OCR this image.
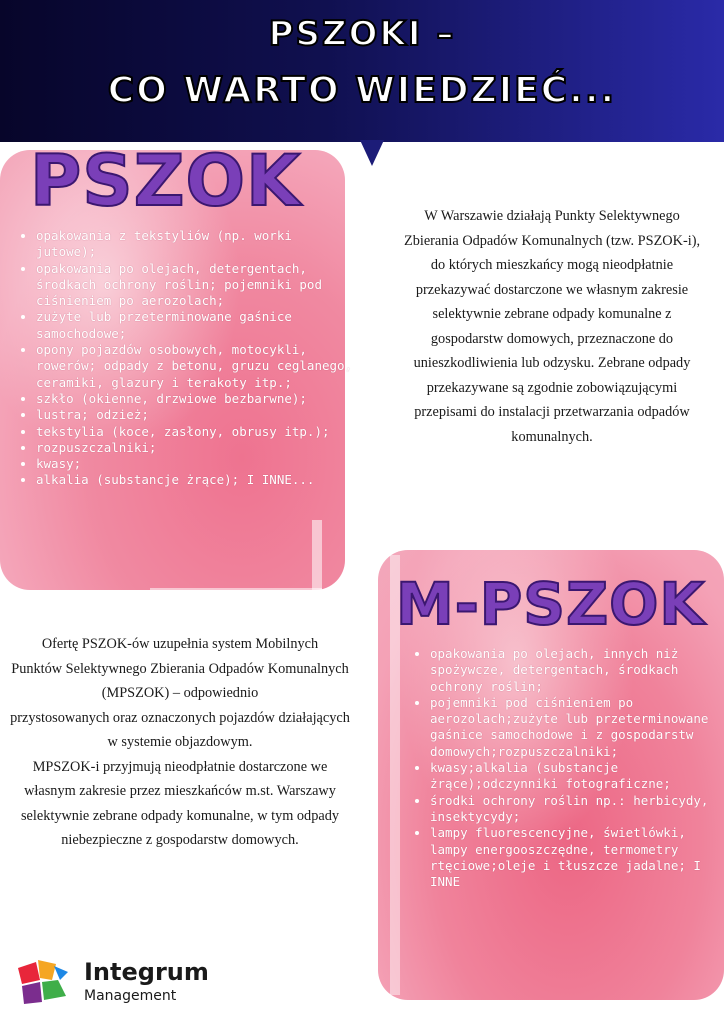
PSZOKI –
CO WARTO WIEDZIEĆ...
PSZOK
• opakowania z tekstyliów (np. worki jutowe);
• opakowania po olejach, detergentach, środkach ochrony roślin; pojemniki pod ciśnieniem po aerozolach;
• zużyte lub przeterminowane gaśnice samochodowe;
• opony pojazdów osobowych, motocykli, rowerów; odpady z betonu, gruzu ceglanego, ceramiki, glazury i terakoty itp.;
• szkło (okienne, drzwiowe bezbarwne);
• lustra; odzież;
• tekstylia (koce, zasłony, obrusy itp.);
• rozpuszczalniki;
• kwasy;
• alkalia (substancje żrące); I INNE...

W Warszawie działają Punkty Selektywnego Zbierania Odpadów Komunalnych (tzw. PSZOK-i), do których mieszkańcy mogą nieodpłatnie przekazywać dostarczone we własnym zakresie selektywnie zebrane odpady komunalne z gospodarstw domowych, przeznaczone do unieszkodliwienia lub odzysku. Zebrane odpady przekazywane są zgodnie zobowiązującymi przepisami do instalacji przetwarzania odpadów komunalnych.

M-PSZOK
• opakowania po olejach, innych niż spożywcze, detergentach, środkach ochrony roślin;
• pojemniki pod ciśnieniem po aerozolach;zużyte lub przeterminowane gaśnice samochodowe i z gospodarstw domowych;rozpuszczalniki;
• kwasy;alkalia (substancje żrące);odczynniki fotograficzne;
• środki ochrony roślin np.: herbicydy, insektycydy;
• lampy fluorescencyjne, świetlówki, lampy energooszczędne, termometry rtęciowe;oleje i tłuszcze jadalne; I INNE
Ofertę PSZOK-ów uzupełnia system Mobilnych
Punktów Selektywnego Zbierania Odpadów Komunalnych (MPSZOK) – odpowiednio
przystosowanych oraz oznaczonych pojazdów działających w systemie objazdowym.
MPSZOK-i przyjmują nieodpłatnie dostarczone we własnym zakresie przez mieszkańców m.st. Warszawy selektywnie zebrane odpady komunalne, w tym odpady niebezpieczne z gospodarstw domowych.
Integrum
Management
